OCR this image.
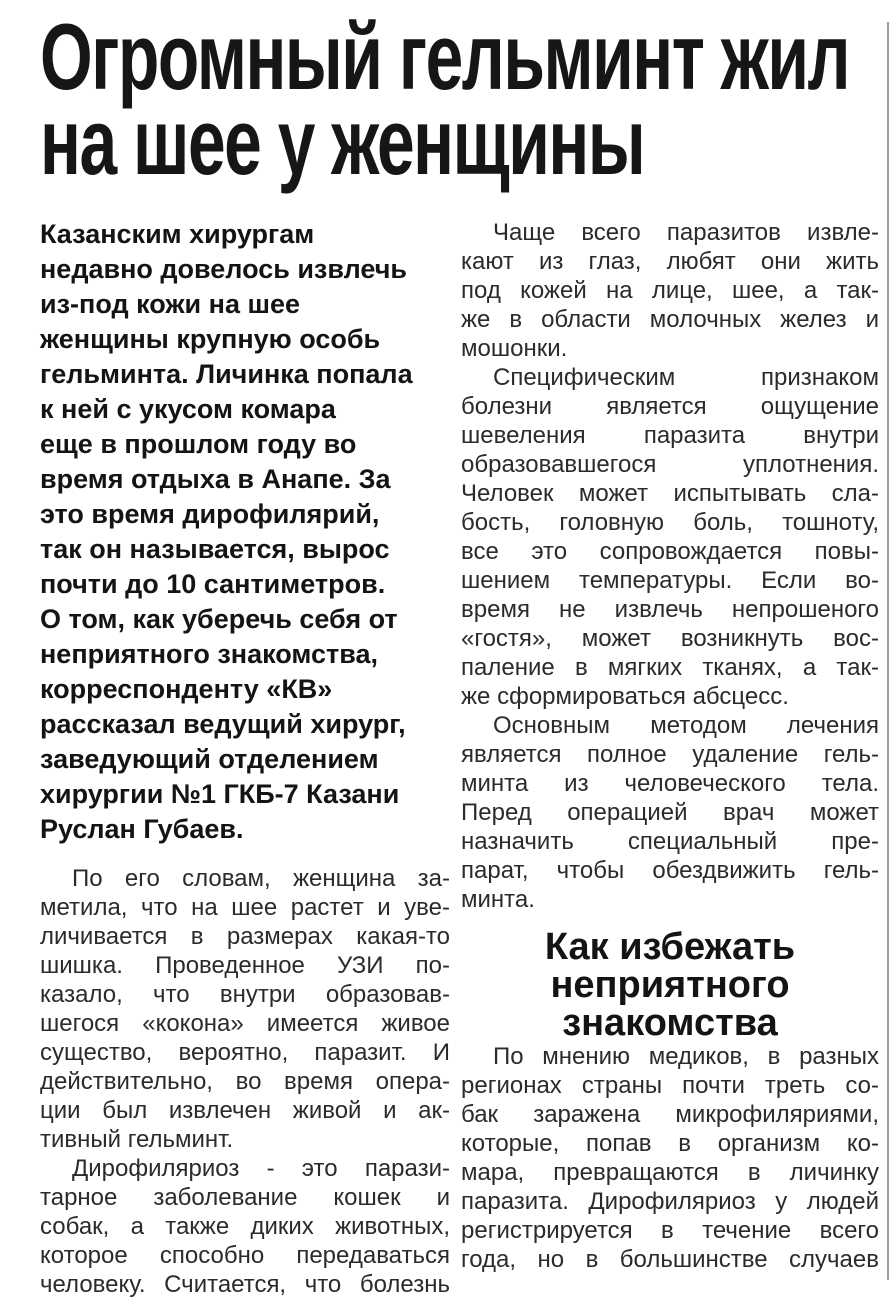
Огромный гельминт жил
на шее у женщины
Казанским хирургам
недавно довелось извлечь
из-под кожи на шее
женщины крупную особь
гельминта. Личинка попала
к ней с укусом комара
еще в прошлом году во
время отдыха в Анапе. За
это время дирофилярий,
так он называется, вырос
почти до 10 сантиметров.
О том, как уберечь себя от
неприятного знакомства,
корреспонденту «КВ»
рассказал ведущий хирург,
заведующий отделением
хирургии №1 ГКБ-7 Казани
Руслан Губаев.
По его словам, женщина за-
метила, что на шее растет и уве-
личивается в размерах какая-то
шишка. Проведенное УЗИ по-
казало, что внутри образовав-
шегося «кокона» имеется живое
существо, вероятно, паразит. И
действительно, во время опера-
ции был извлечен живой и ак-
тивный гельминт.
Дирофиляриоз - это парази-
тарное заболевание кошек и
собак, а также диких животных,
которое способно передаваться
человеку. Считается, что болезнь
Чаще всего паразитов извле-
кают из глаз, любят они жить
под кожей на лице, шее, а так-
же в области молочных желез и
мошонки.
Специфическим признаком
болезни является ощущение
шевеления паразита внутри
образовавшегося уплотнения.
Человек может испытывать сла-
бость, головную боль, тошноту,
все это сопровождается повы-
шением температуры. Если во-
время не извлечь непрошеного
«гостя», может возникнуть вос-
паление в мягких тканях, а так-
же сформироваться абсцесс.
Основным методом лечения
является полное удаление гель-
минта из человеческого тела.
Перед операцией врач может
назначить специальный пре-
парат, чтобы обездвижить гель-
минта.
Как избежать
неприятного
знакомства
По мнению медиков, в разных
регионах страны почти треть со-
бак заражена микрофиляриями,
которые, попав в организм ко-
мара, превращаются в личинку
паразита. Дирофиляриоз у людей
регистрируется в течение всего
года, но в большинстве случаев
